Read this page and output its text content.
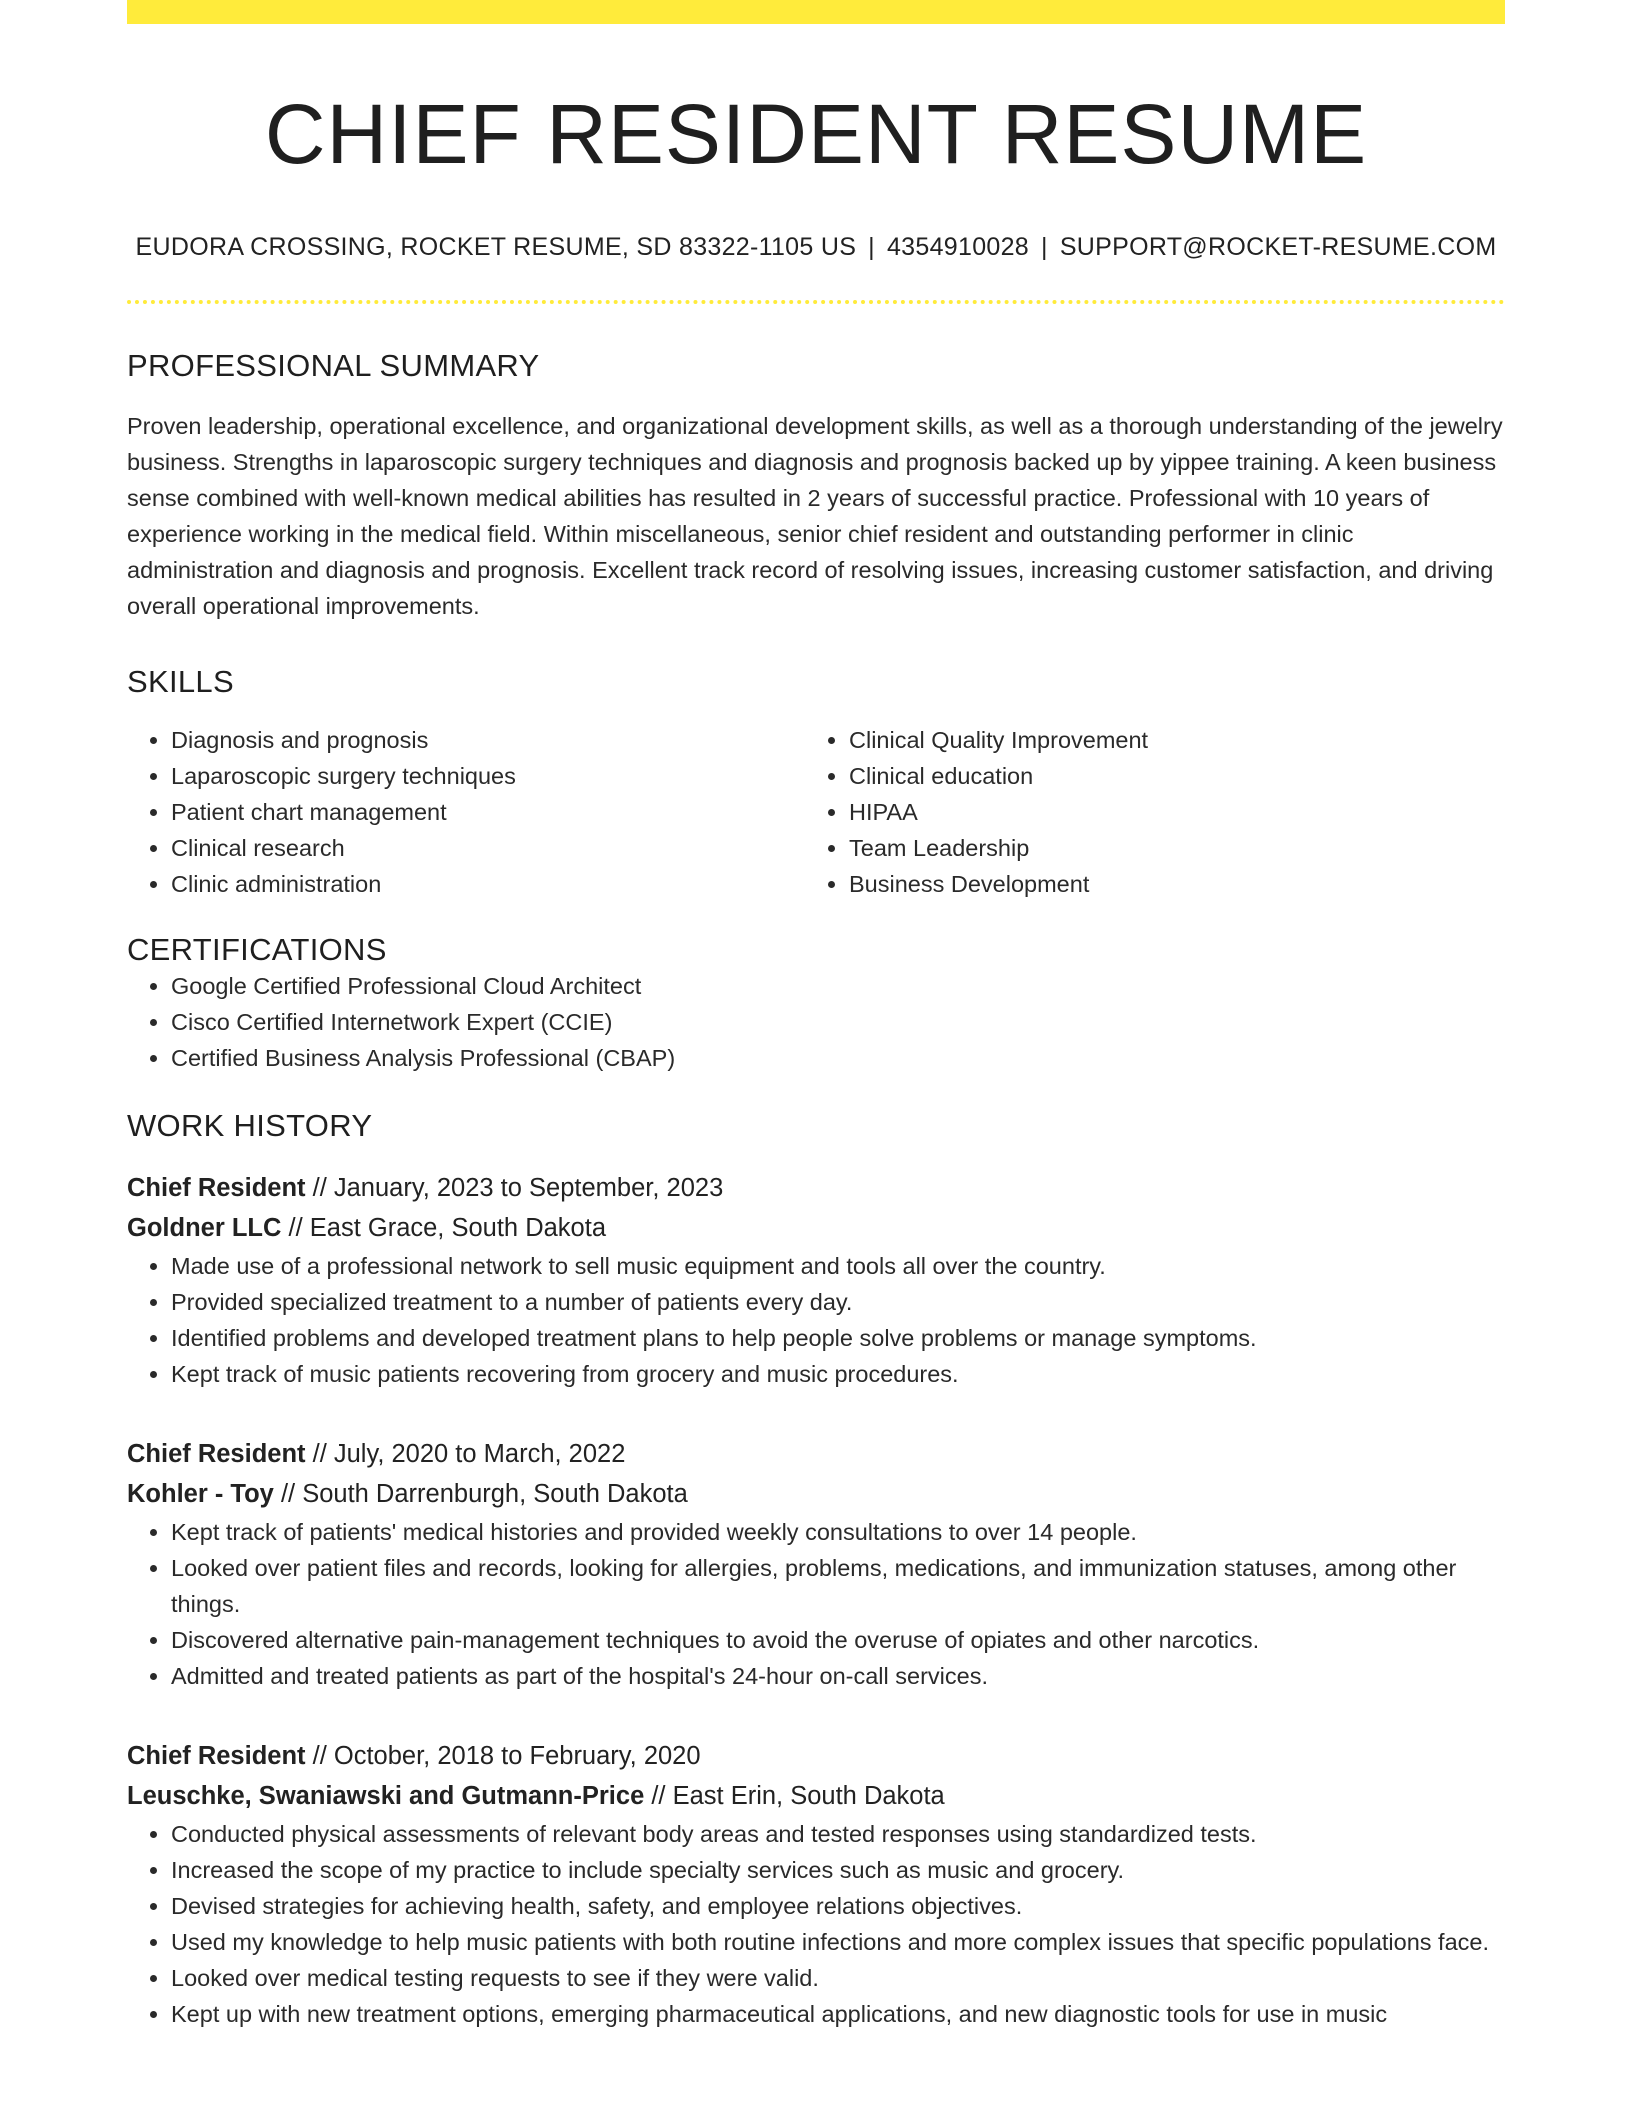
CHIEF RESIDENT RESUME
EUDORA CROSSING, ROCKET RESUME, SD 83322-1105 US | 4354910028 | SUPPORT@ROCKET-RESUME.COM
PROFESSIONAL SUMMARY

Proven leadership, operational excellence, and organizational development skills, as well as a thorough understanding of the jewelry business. Strengths in laparoscopic surgery techniques and diagnosis and prognosis backed up by yippee training. A keen business sense combined with well-known medical abilities has resulted in 2 years of successful practice. Professional with 10 years of experience working in the medical field. Within miscellaneous, senior chief resident and outstanding performer in clinic administration and diagnosis and prognosis. Excellent track record of resolving issues, increasing customer satisfaction, and driving overall operational improvements.

SKILLS
• Diagnosis and prognosis
• Laparoscopic surgery techniques
• Patient chart management
• Clinical research
• Clinic administration
• Clinical Quality Improvement
• Clinical education
• HIPAA
• Team Leadership
• Business Development
CERTIFICATIONS
• Google Certified Professional Cloud Architect
• Cisco Certified Internetwork Expert (CCIE)
• Certified Business Analysis Professional (CBAP)
WORK HISTORY
Chief Resident // January, 2023 to September, 2023
Goldner LLC // East Grace, South Dakota
• Made use of a professional network to sell music equipment and tools all over the country.
• Provided specialized treatment to a number of patients every day.
• Identified problems and developed treatment plans to help people solve problems or manage symptoms.
• Kept track of music patients recovering from grocery and music procedures.
Chief Resident // July, 2020 to March, 2022
Kohler - Toy // South Darrenburgh, South Dakota
• Kept track of patients' medical histories and provided weekly consultations to over 14 people.
• Looked over patient files and records, looking for allergies, problems, medications, and immunization statuses, among other things.
• Discovered alternative pain-management techniques to avoid the overuse of opiates and other narcotics.
• Admitted and treated patients as part of the hospital's 24-hour on-call services.
Chief Resident // October, 2018 to February, 2020
Leuschke, Swaniawski and Gutmann-Price // East Erin, South Dakota
• Conducted physical assessments of relevant body areas and tested responses using standardized tests.
• Increased the scope of my practice to include specialty services such as music and grocery.
• Devised strategies for achieving health, safety, and employee relations objectives.
• Used my knowledge to help music patients with both routine infections and more complex issues that specific populations face.
• Looked over medical testing requests to see if they were valid.
• Kept up with new treatment options, emerging pharmaceutical applications, and new diagnostic tools for use in music
